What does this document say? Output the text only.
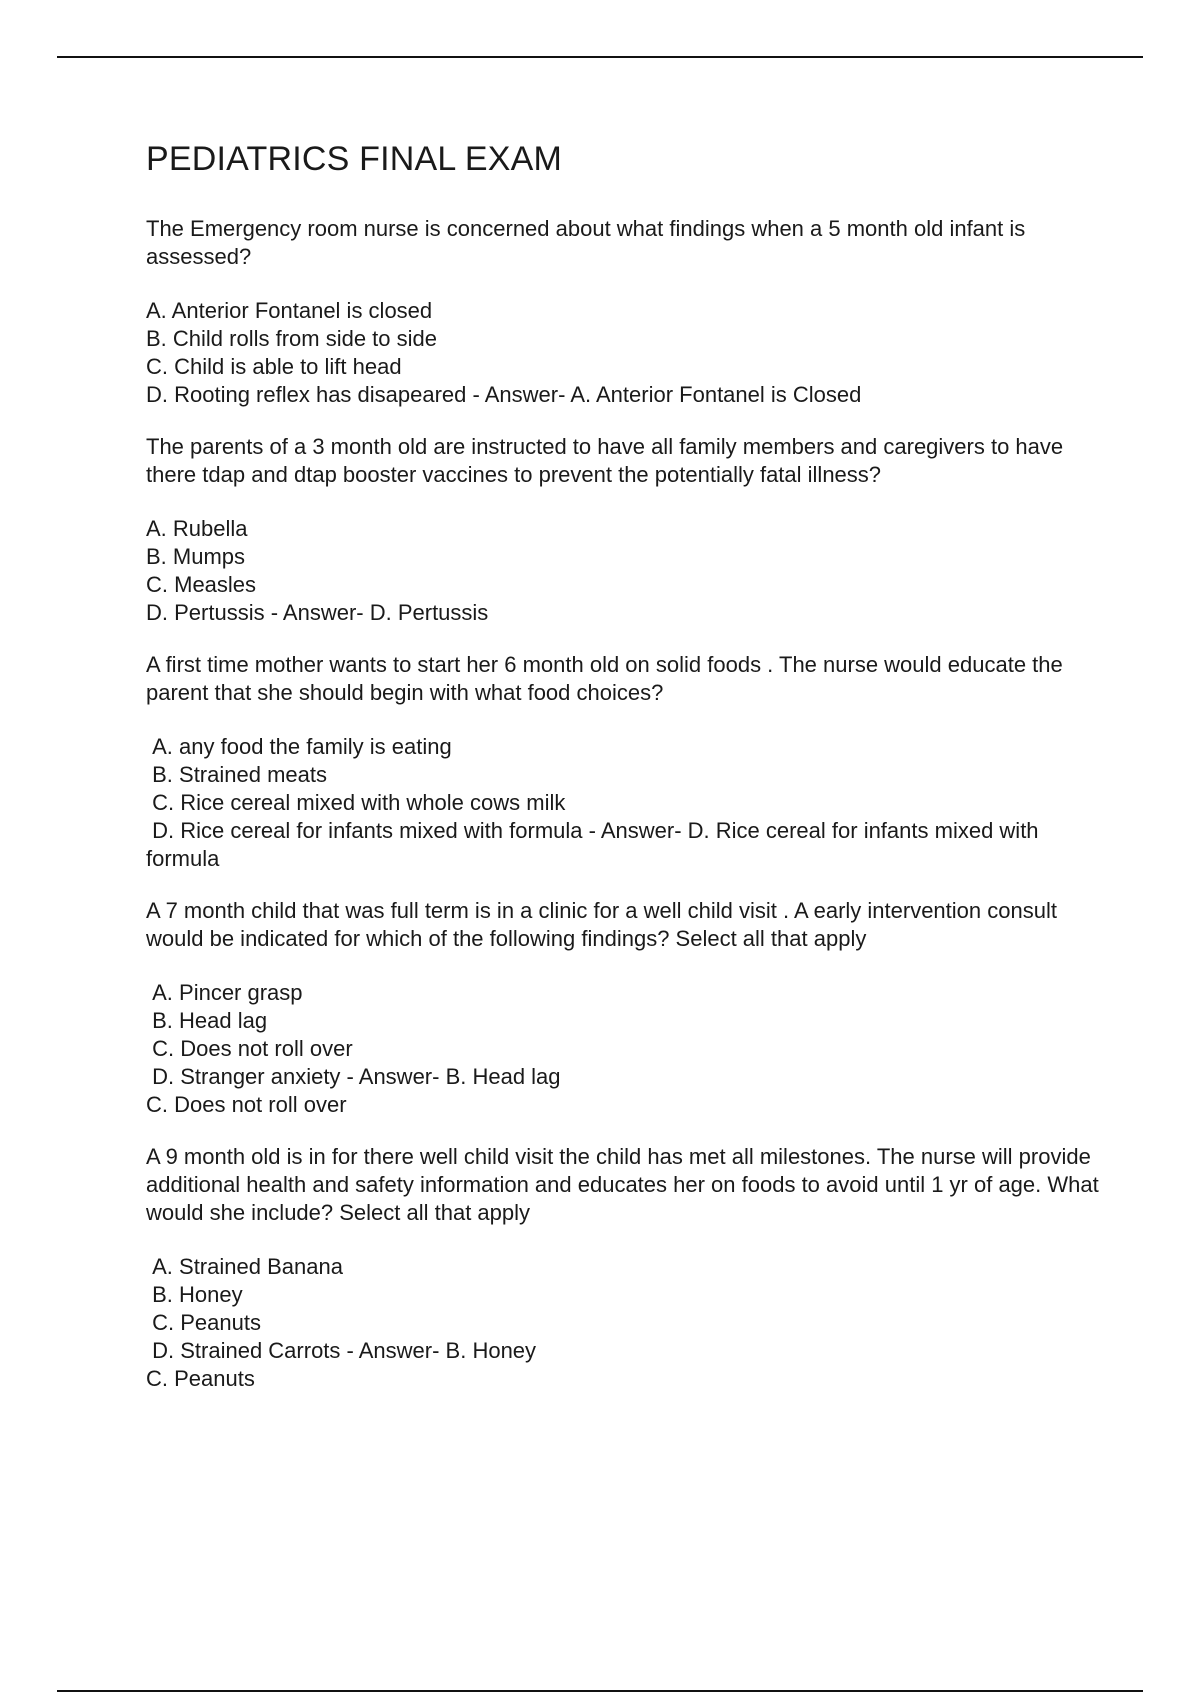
PEDIATRICS FINAL EXAM

The Emergency room nurse is concerned about what findings when a 5 month old infant is assessed?

A. Anterior Fontanel is closed

B. Child rolls from side to side

C. Child is able to lift head

D. Rooting reflex has disapeared - Answer- A. Anterior Fontanel is Closed

The parents of a 3 month old are instructed to have all family members and caregivers to have there tdap and dtap booster vaccines to prevent the potentially fatal illness?

A. Rubella

B. Mumps

C. Measles

D. Pertussis - Answer- D. Pertussis

A first time mother wants to start her 6 month old on solid foods . The nurse would educate the parent that she should begin with what food choices?

A. any food the family is eating

B. Strained meats

C. Rice cereal mixed with whole cows milk

D. Rice cereal for infants mixed with formula - Answer- D. Rice cereal for infants mixed with formula

A 7 month child that was full term is in a clinic for a well child visit . A early intervention consult would be indicated for which of the following findings? Select all that apply

A. Pincer grasp

B. Head lag

C. Does not roll over

D. Stranger anxiety - Answer- B. Head lag

C. Does not roll over

A 9 month old is in for there well child visit the child has met all milestones. The nurse will provide additional health and safety information and educates her on foods to avoid until 1 yr of age. What would she include? Select all that apply

A. Strained Banana

B. Honey

C. Peanuts

D. Strained Carrots - Answer- B. Honey

C. Peanuts
